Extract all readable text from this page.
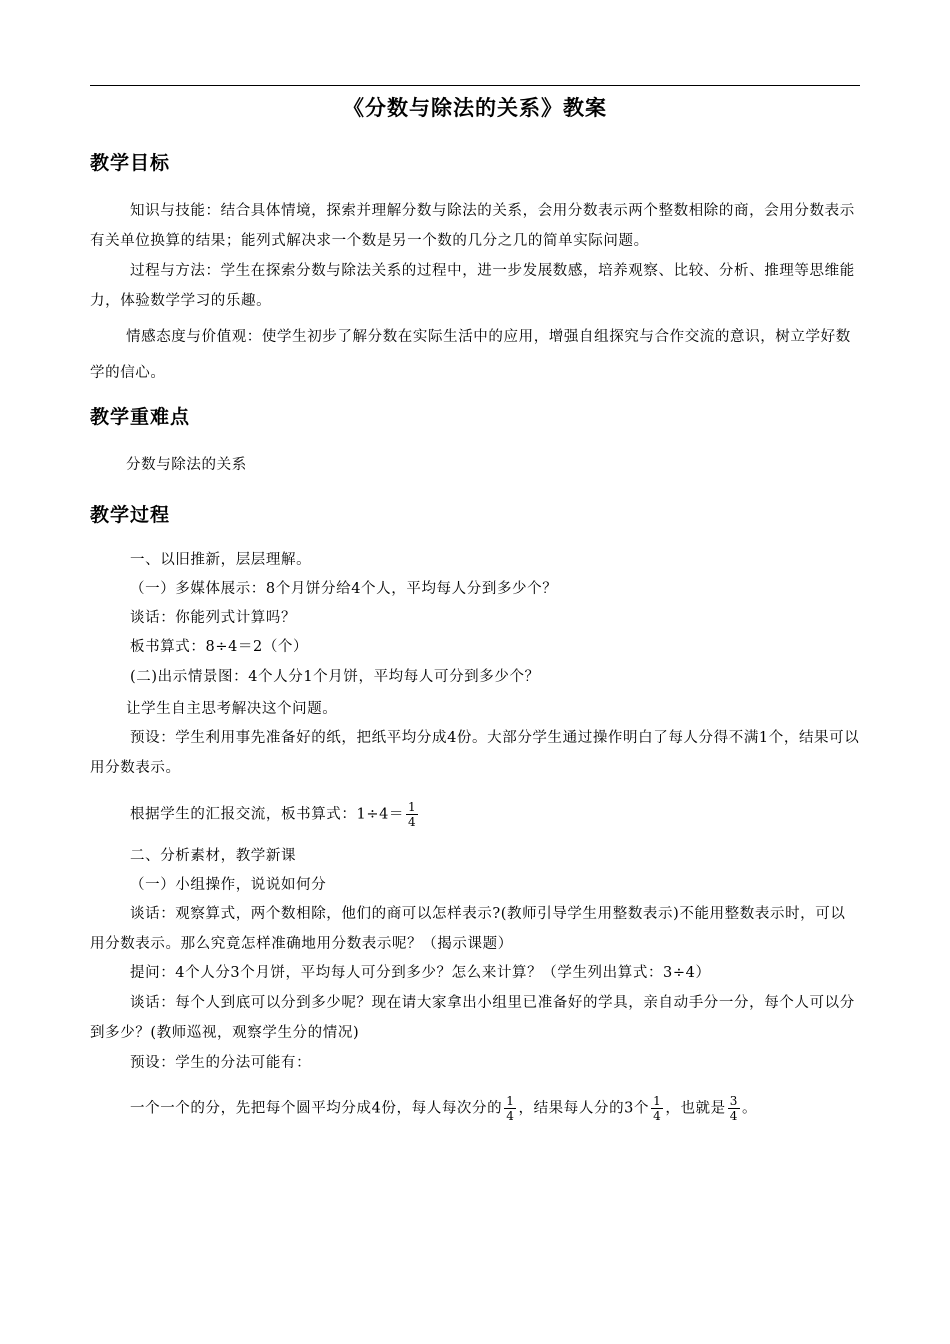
《分数与除法的关系》教案
教学目标
知识与技能：结合具体情境，探索并理解分数与除法的关系，会用分数表示两个整数相除的商，会用分数表示有关单位换算的结果；能列式解决求一个数是另一个数的几分之几的简单实际问题。
过程与方法：学生在探索分数与除法关系的过程中，进一步发展数感，培养观察、比较、分析、推理等思维能力，体验数学学习的乐趣。
情感态度与价值观：使学生初步了解分数在实际生活中的应用，增强自组探究与合作交流的意识，树立学好数学的信心。
教学重难点
分数与除法的关系
教学过程
一、以旧推新，层层理解。
（一）多媒体展示：8个月饼分给4个人，平均每人分到多少个？
谈话：你能列式计算吗？
板书算式：8÷4＝2（个）
(二)出示情景图：4个人分1个月饼，平均每人可分到多少个？
让学生自主思考解决这个问题。
预设：学生利用事先准备好的纸，把纸平均分成4份。大部分学生通过操作明白了每人分得不满1个，结果可以用分数表示。
根据学生的汇报交流，板书算式：$1\div 4= \frac{1}{4}$
二、分析素材，教学新课
（一）小组操作，说说如何分
谈话：观察算式，两个数相除，他们的商可以怎样表示?(教师引导学生用整数表示)不能用整数表示时，可以用分数表示。那么究竟怎样准确地用分数表示呢？（揭示课题）
提问：4个人分3个月饼，平均每人可分到多少？怎么来计算？（学生列出算式：3÷4）
谈话：每个人到底可以分到多少呢？现在请大家拿出小组里已准备好的学具，亲自动手分一分，每个人可以分到多少？(教师巡视，观察学生分的情况)
预设：学生的分法可能有：
一个一个的分，先把每个圆平均分成4份，每人每次分的 $\frac{1}{4}$ ，结果每人分的3个 $\frac{1}{4}$ ，也就是 $\frac{3}{4}$ 。
